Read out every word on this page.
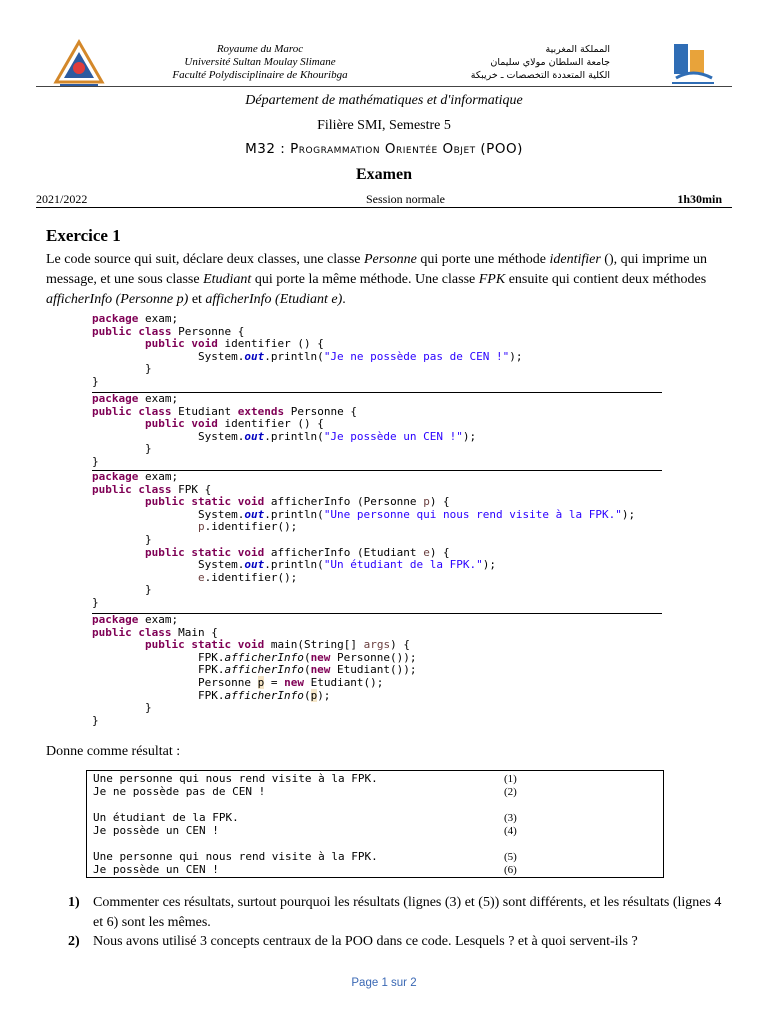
Royaume du Maroc
Université Sultan Moulay Slimane
Faculté Polydisciplinaire de Khouribga
المملكة المغربية
جامعة السلطان مولاي سليمان
الكلية المتعددة التخصصات ـ خريبكة
Département de mathématiques et d'informatique
Filière SMI, Semestre 5
M32 : Programmation Orientée Objet (POO)
Examen
2021/2022	Session normale	1h30min
Exercice 1
Le code source qui suit, déclare deux classes, une classe Personne qui porte une méthode identifier (), qui imprime un message, et une sous classe Etudiant qui porte la même méthode. Une classe FPK ensuite qui contient deux méthodes afficherInfo (Personne p) et afficherInfo (Etudiant e).
package exam;
public class Personne {
public void identifier () {
System.out.println("Je ne possède pas de CEN !");
}
}
package exam;
public class Etudiant extends Personne {
public void identifier () {
System.out.println("Je possède un CEN !");
}
}
package exam;
public class FPK {
public static void afficherInfo (Personne p) {
System.out.println("Une personne qui nous rend visite à la FPK.");
p.identifier();
}
public static void afficherInfo (Etudiant e) {
System.out.println("Un étudiant de la FPK.");
e.identifier();
}
}
package exam;
public class Main {
public static void main(String[] args) {
FPK.afficherInfo(new Personne());
FPK.afficherInfo(new Etudiant());
Personne p = new Etudiant();
FPK.afficherInfo(p);
}
}
Donne comme résultat :
Une personne qui nous rend visite à la FPK.	(1)
Je ne possède pas de CEN !	(2)
Un étudiant de la FPK.	(3)
Je possède un CEN !	(4)
Une personne qui nous rend visite à la FPK.	(5)
Je possède un CEN !	(6)
1) Commenter ces résultats, surtout pourquoi les résultats (lignes (3) et (5)) sont différents, et les résultats (lignes 4 et 6) sont les mêmes.
2) Nous avons utilisé 3 concepts centraux de la POO dans ce code. Lesquels ? et à quoi servent-ils ?
Page 1 sur 2
